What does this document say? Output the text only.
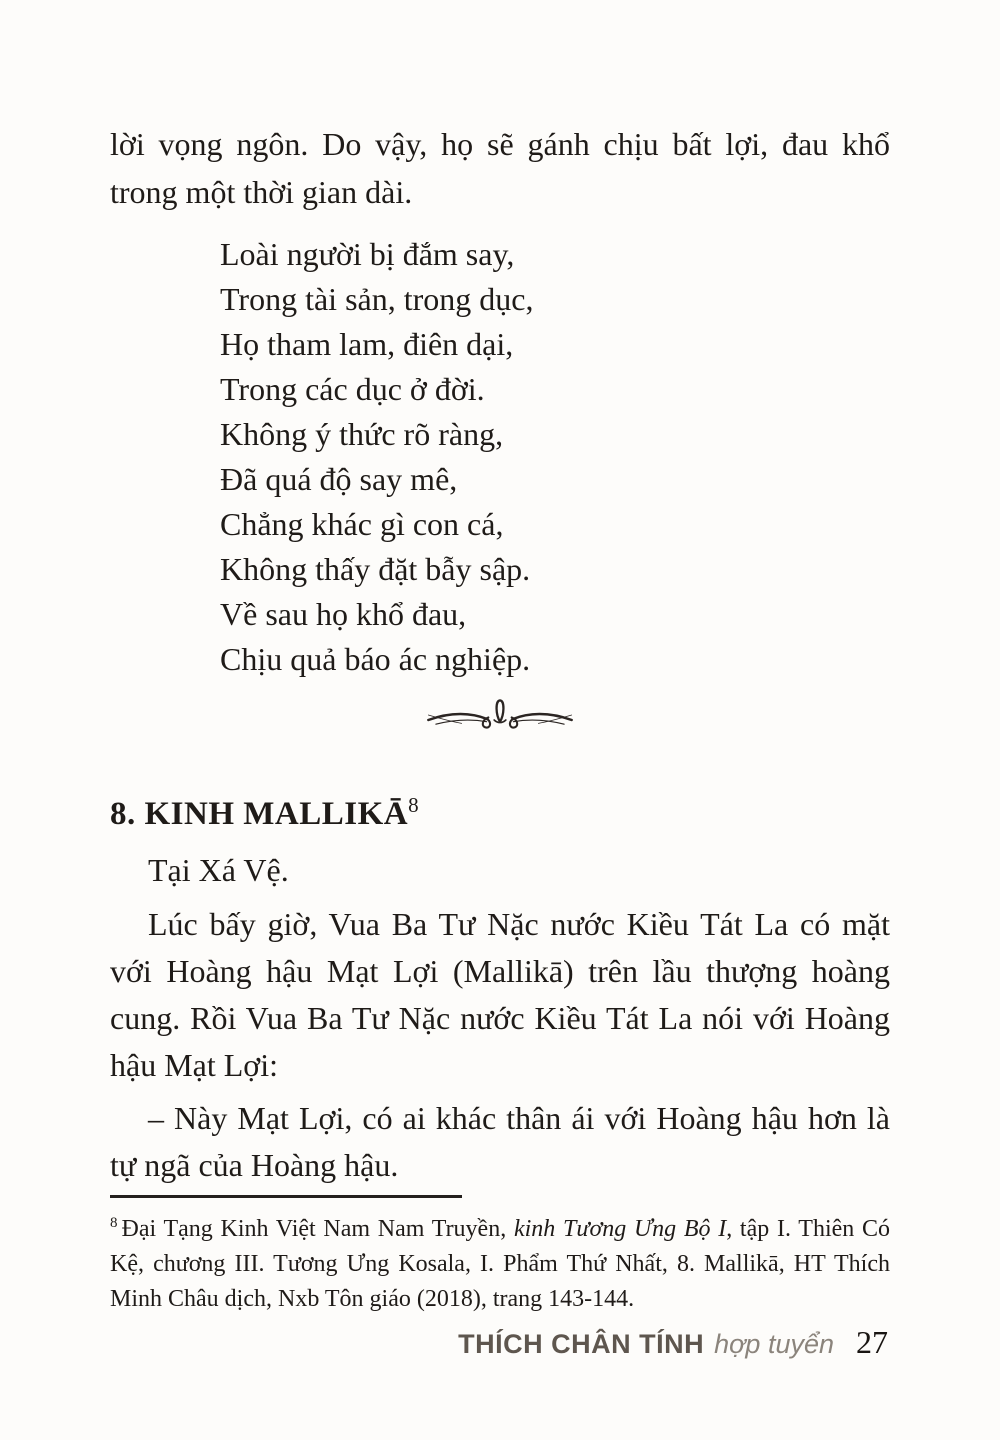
lời vọng ngôn. Do vậy, họ sẽ gánh chịu bất lợi, đau khổ
trong một thời gian dài.
Loài người bị đắm say,
Trong tài sản, trong dục,
Họ tham lam, điên dại,
Trong các dục ở đời.
Không ý thức rõ ràng,
Đã quá độ say mê,
Chẳng khác gì con cá,
Không thấy đặt bẫy sập.
Về sau họ khổ đau,
Chịu quả báo ác nghiệp.
8. KINH MALLIKĀ$^8$
Tại Xá Vệ.
Lúc bấy giờ, Vua Ba Tư Nặc nước Kiều Tát La có mặt
với Hoàng hậu Mạt Lợi (Mallikā) trên lầu thượng hoàng
cung. Rồi Vua Ba Tư Nặc nước Kiều Tát La nói với Hoàng
hậu Mạt Lợi:
– Này Mạt Lợi, có ai khác thân ái với Hoàng hậu hơn là
tự ngã của Hoàng hậu.
$^8$ Đại Tạng Kinh Việt Nam Nam Truyền, kinh Tương Ưng Bộ I, tập I. Thiên Có
Kệ, chương III. Tương Ưng Kosala, I. Phẩm Thứ Nhất, 8. Mallikā, HT Thích
Minh Châu dịch, Nxb Tôn giáo (2018), trang 143-144.
THÍCH CHÂN TÍNH hợp tuyển 27
